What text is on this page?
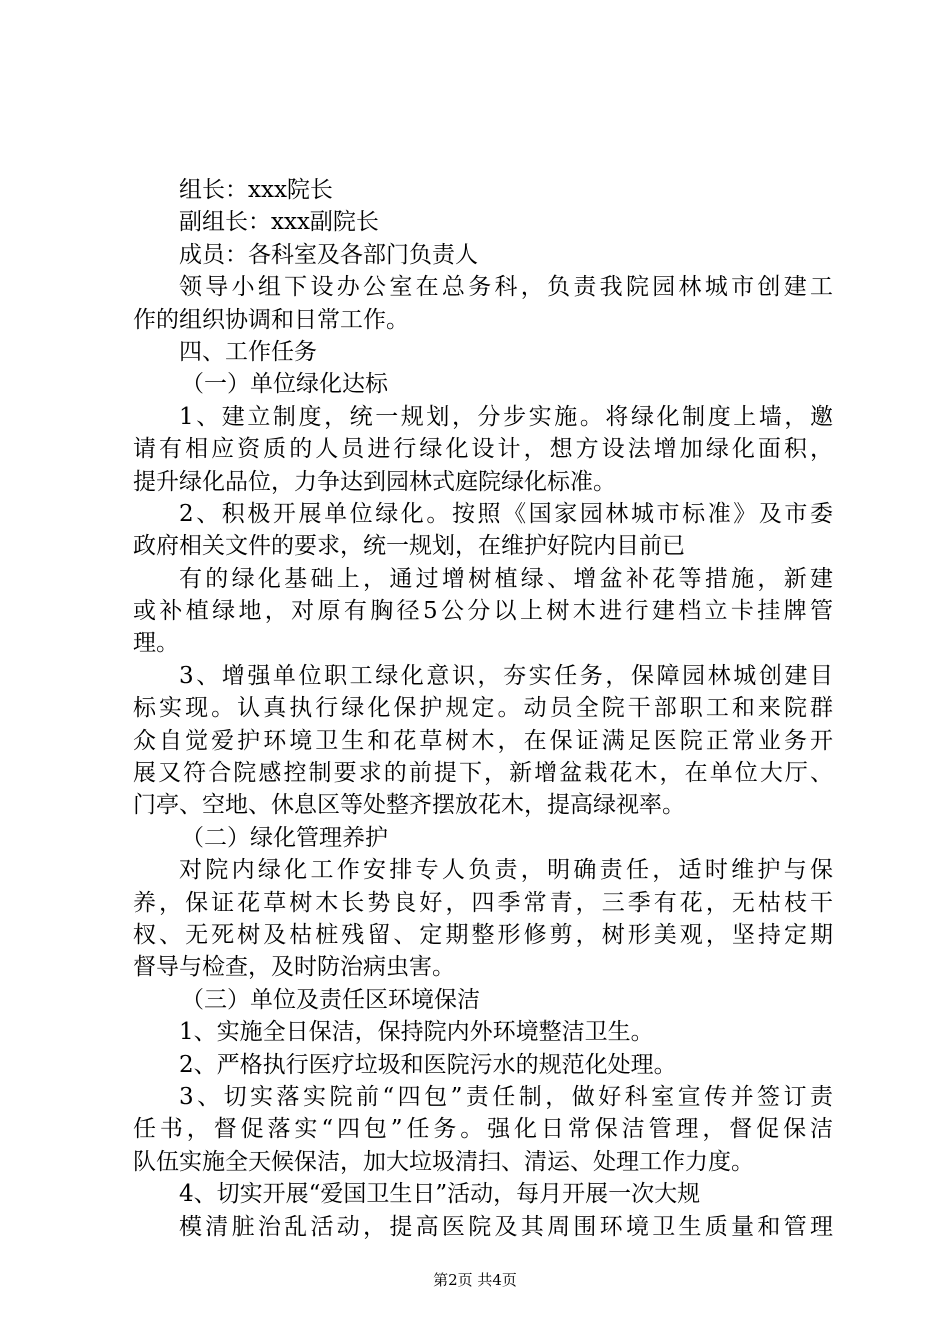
组长：xxx院长
副组长：xxx副院长
成员：各科室及各部门负责人
领导小组下设办公室在总务科，负责我院园林城市创建工
作的组织协调和日常工作。
四、工作任务
（一）单位绿化达标
1、建立制度，统一规划，分步实施。将绿化制度上墙，邀
请有相应资质的人员进行绿化设计，想方设法增加绿化面积，
提升绿化品位，力争达到园林式庭院绿化标准。
2、积极开展单位绿化。按照《国家园林城市标准》及市委
政府相关文件的要求，统一规划，在维护好院内目前已
有的绿化基础上，通过增树植绿、增盆补花等措施，新建
或补植绿地，对原有胸径5公分以上树木进行建档立卡挂牌管
理。
3、增强单位职工绿化意识，夯实任务，保障园林城创建目
标实现。认真执行绿化保护规定。动员全院干部职工和来院群
众自觉爱护环境卫生和花草树木，在保证满足医院正常业务开
展又符合院感控制要求的前提下，新增盆栽花木，在单位大厅、
门亭、空地、休息区等处整齐摆放花木，提高绿视率。
（二）绿化管理养护
对院内绿化工作安排专人负责，明确责任，适时维护与保
养，保证花草树木长势良好，四季常青，三季有花，无枯枝干
杈、无死树及枯桩残留、定期整形修剪，树形美观，坚持定期
督导与检查，及时防治病虫害。
（三）单位及责任区环境保洁
1、实施全日保洁，保持院内外环境整洁卫生。
2、严格执行医疗垃圾和医院污水的规范化处理。
3、切实落实院前“四包”责任制，做好科室宣传并签订责
任书，督促落实“四包”任务。强化日常保洁管理，督促保洁
队伍实施全天候保洁，加大垃圾清扫、清运、处理工作力度。
4、切实开展“爱国卫生日”活动，每月开展一次大规
模清脏治乱活动，提高医院及其周围环境卫生质量和管理
第2页 共4页
